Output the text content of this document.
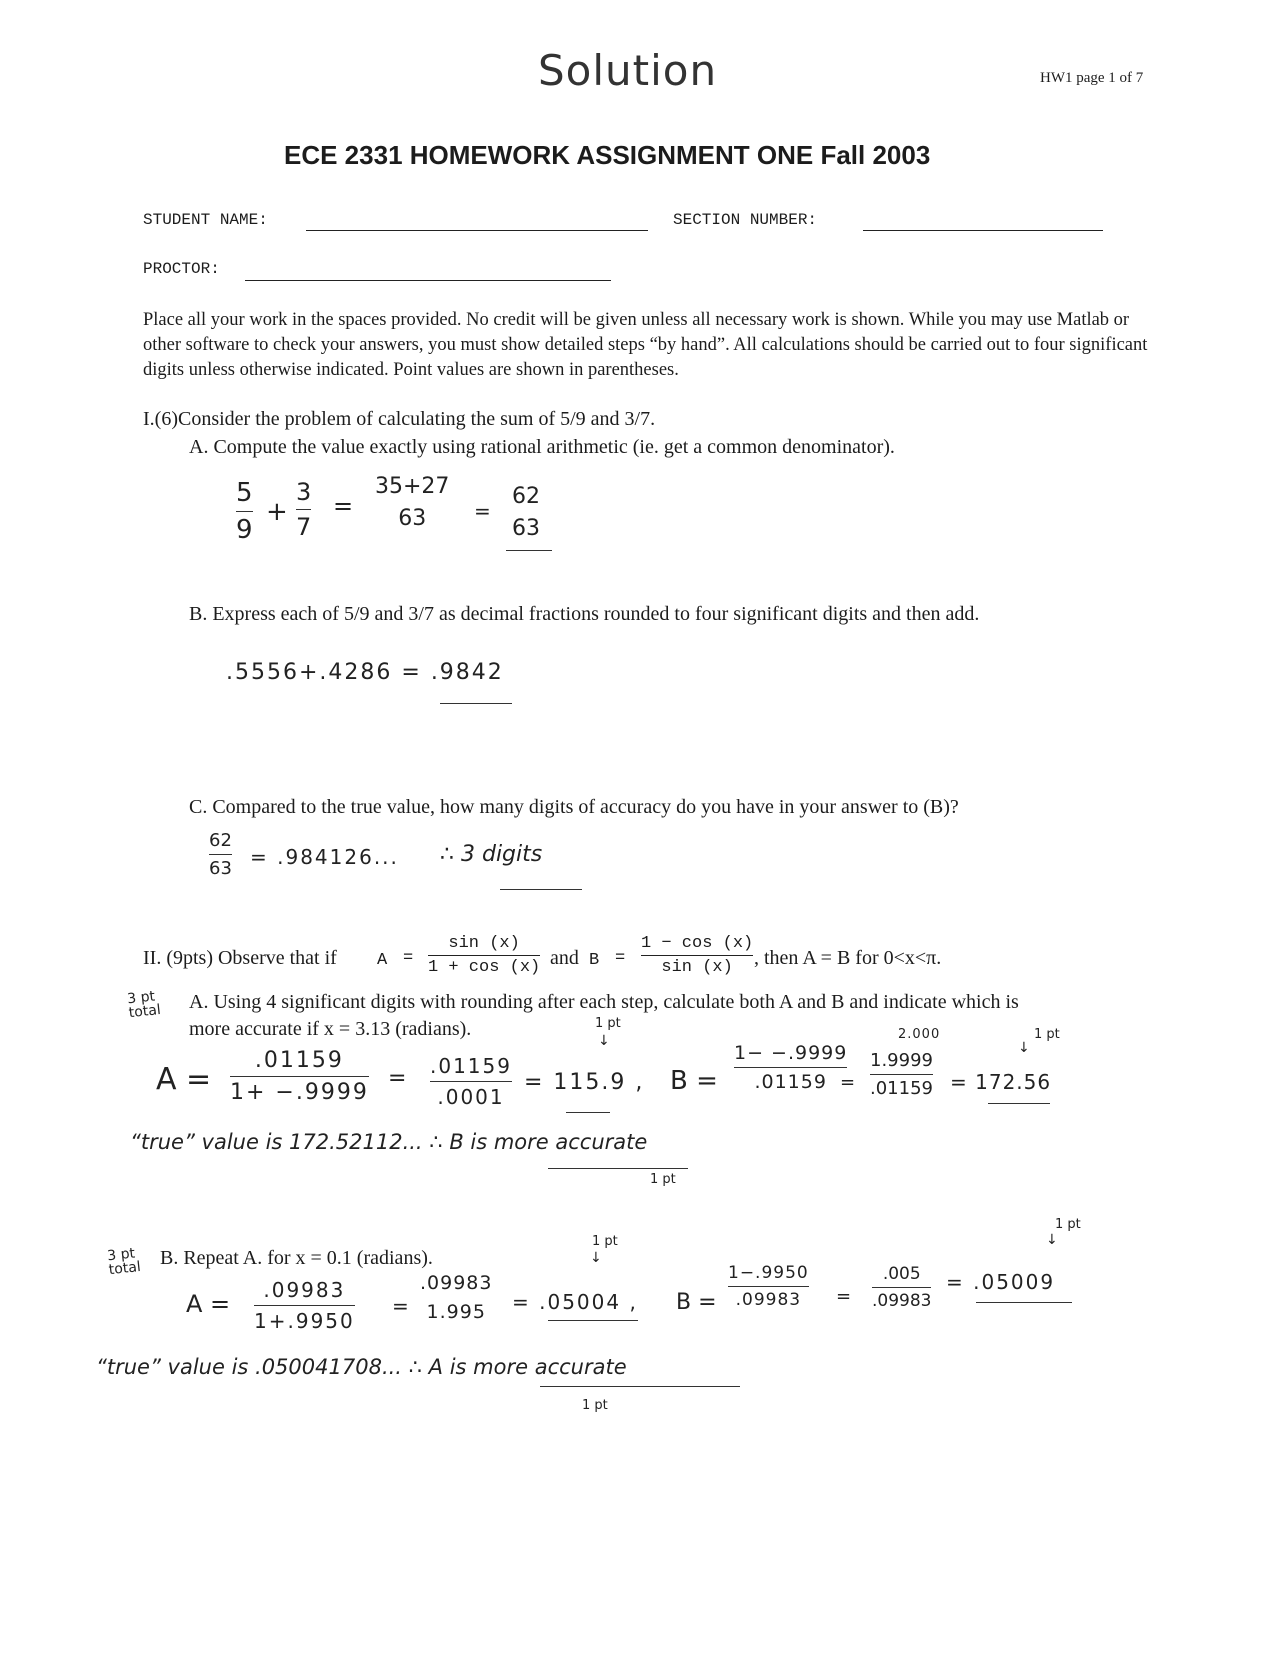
Solution	HW1 page 1 of 7
ECE 2331 HOMEWORK ASSIGNMENT ONE Fall 2003
STUDENT NAME:	SECTION NUMBER:
PROCTOR:
Place all your work in the spaces provided. No credit will be given unless all necessary work is shown. While you may use Matlab or other software to check your answers, you must show detailed steps “by hand”. All calculations should be carried out to four significant digits unless otherwise indicated. Point values are shown in parentheses.
I.(6)Consider the problem of calculating the sum of 5/9 and 3/7.
A. Compute the value exactly using rational arithmetic (ie. get a common denominator).
5
9
+
3
7
=
35+27
63 =
62
63
B. Express each of 5/9 and 3/7 as decimal fractions rounded to four significant digits and then add.
.5556+.4286 = .9842
C. Compared to the true value, how many digits of accuracy do you have in your answer to (B)?
62
63 = .984126... ∴ 3 digits
II. (9pts) Observe that if A =
sin (x)
1 + cos (x) and B =
1 − cos (x)
sin (x) , then A = B for 0<x<π.
3 pt total	A. Using 4 significant digits with rounding after each step, calculate both A and B and indicate which is
more accurate if x = 3.13 (radians).	1 pt
↓	2.000	1 pt
↓
A =
.01159
1+ −.9999
= .01159
.0001
= 115.9 , B =
1− −.9999
.01159 =
1.9999
.01159 = 172.56
“true” value is 172.52112... ∴ B is more accurate
1 pt
1 pt
↓
1 pt
↓
3 pt total B. Repeat A. for x = 0.1 (radians).
A = .09983
1+.9950
=
.09983
1.995 = .05004 , B =
1−.9950
.09983 =
.005
.09983
= .05009
“true” value is .050041708... ∴ A is more accurate
1 pt
